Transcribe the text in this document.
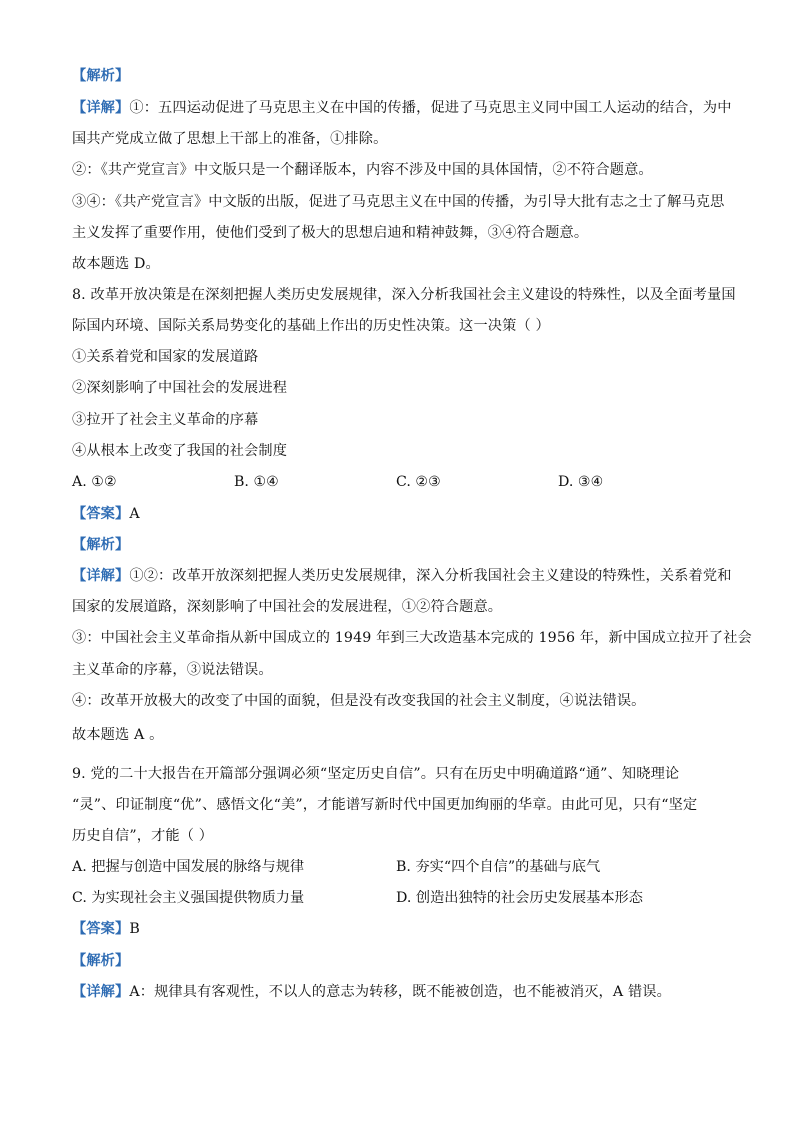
【解析】
【详解】①：五四运动促进了马克思主义在中国的传播，促进了马克思主义同中国工人运动的结合，为中
国共产党成立做了思想上干部上的准备，①排除。
②：《共产党宣言》中文版只是一个翻译版本，内容不涉及中国的具体国情，②不符合题意。
③④：《共产党宣言》中文版的出版，促进了马克思主义在中国的传播，为引导大批有志之士了解马克思
主义发挥了重要作用，使他们受到了极大的思想启迪和精神鼓舞，③④符合题意。
故本题选 D。
8. 改革开放决策是在深刻把握人类历史发展规律，深入分析我国社会主义建设的特殊性，以及全面考量国
际国内环境、国际关系局势变化的基础上作出的历史性决策。这一决策（ ）
①关系着党和国家的发展道路
②深刻影响了中国社会的发展进程
③拉开了社会主义革命的序幕
④从根本上改变了我国的社会制度
A. ①②	B. ①④	C. ②③	D. ③④
【答案】A
【解析】
【详解】①②：改革开放深刻把握人类历史发展规律，深入分析我国社会主义建设的特殊性，关系着党和
国家的发展道路，深刻影响了中国社会的发展进程，①②符合题意。
③：中国社会主义革命指从新中国成立的 1949 年到三大改造基本完成的 1956 年，新中国成立拉开了社会
主义革命的序幕，③说法错误。
④：改革开放极大的改变了中国的面貌，但是没有改变我国的社会主义制度，④说法错误。
故本题选 A 。
9. 党的二十大报告在开篇部分强调必须“坚定历史自信”。只有在历史中明确道路“通”、知晓理论
“灵”、印证制度“优”、感悟文化“美”，才能谱写新时代中国更加绚丽的华章。由此可见，只有“坚定
历史自信”，才能（ ）
A. 把握与创造中国发展的脉络与规律	B. 夯实“四个自信”的基础与底气
C. 为实现社会主义强国提供物质力量	D. 创造出独特的社会历史发展基本形态
【答案】B
【解析】
【详解】A：规律具有客观性，不以人的意志为转移，既不能被创造，也不能被消灭，A 错误。
